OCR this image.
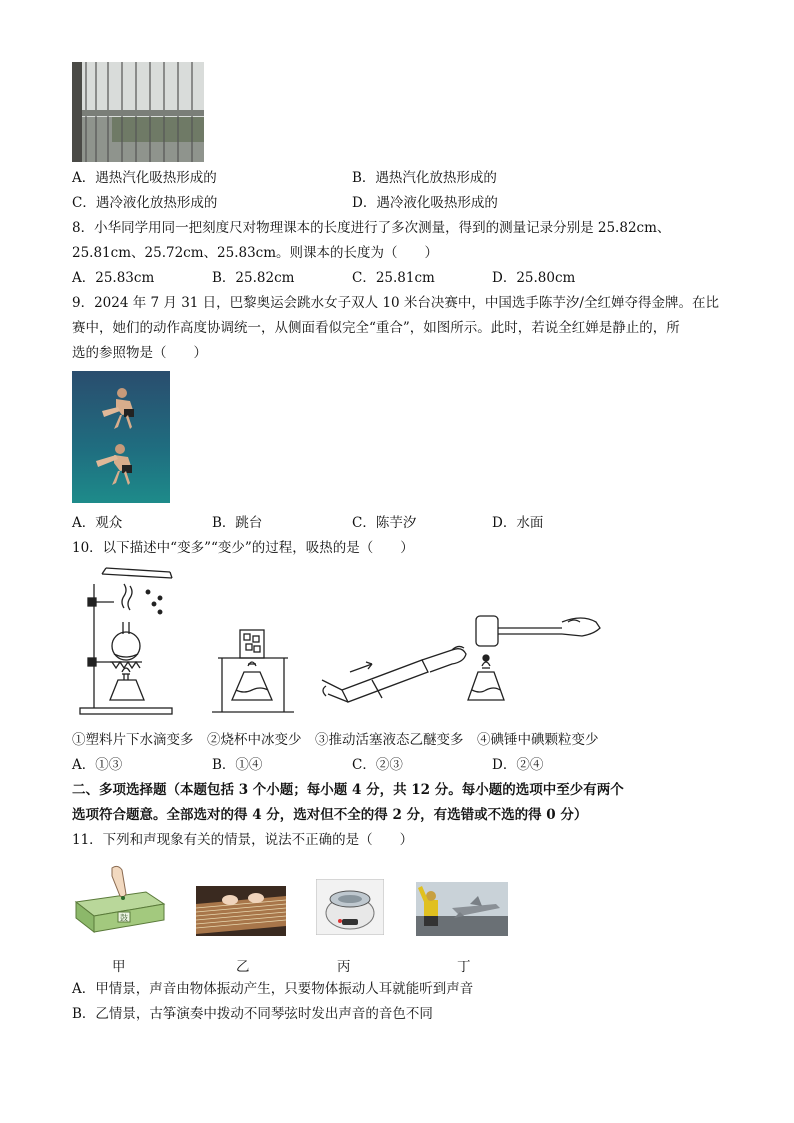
A．遇热汽化吸热形成的	B．遇热汽化放热形成的
C．遇冷液化放热形成的	D．遇冷液化吸热形成的
8．小华同学用同一把刻度尺对物理课本的长度进行了多次测量，得到的测量记录分别是 25.82cm、
25.81cm、25.72cm、25.83cm。则课本的长度为（　　）
A．25.83cm	B．25.82cm	C．25.81cm	D．25.80cm
9．2024 年 7 月 31 日，巴黎奥运会跳水女子双人 10 米台决赛中，中国选手陈芋汐/全红婵夺得金牌。在比
赛中，她们的动作高度协调统一，从侧面看似完全“重合”，如图所示。此时，若说全红婵是静止的，所
选的参照物是（　　）
A．观众	B．跳台	C．陈芋汐	D．水面
10．以下描述中“变多”“变少”的过程，吸热的是（　　）
①塑料片下水滴变多　②烧杯中冰变少　③推动活塞液态乙醚变多　④碘锤中碘颗粒变少
A．①③	B．①④	C．②③	D．②④
二、多项选择题（本题包括 3 个小题；每小题 4 分，共 12 分。每小题的选项中至少有两个
选项符合题意。全部选对的得 4 分，选对但不全的得 2 分，有选错或不选的得 0 分）
11．下列和声现象有关的情景，说法不正确的是（　　）
鼓
甲	乙	丙	丁
A．甲情景，声音由物体振动产生，只要物体振动人耳就能听到声音
B．乙情景，古筝演奏中拨动不同琴弦时发出声音的音色不同
